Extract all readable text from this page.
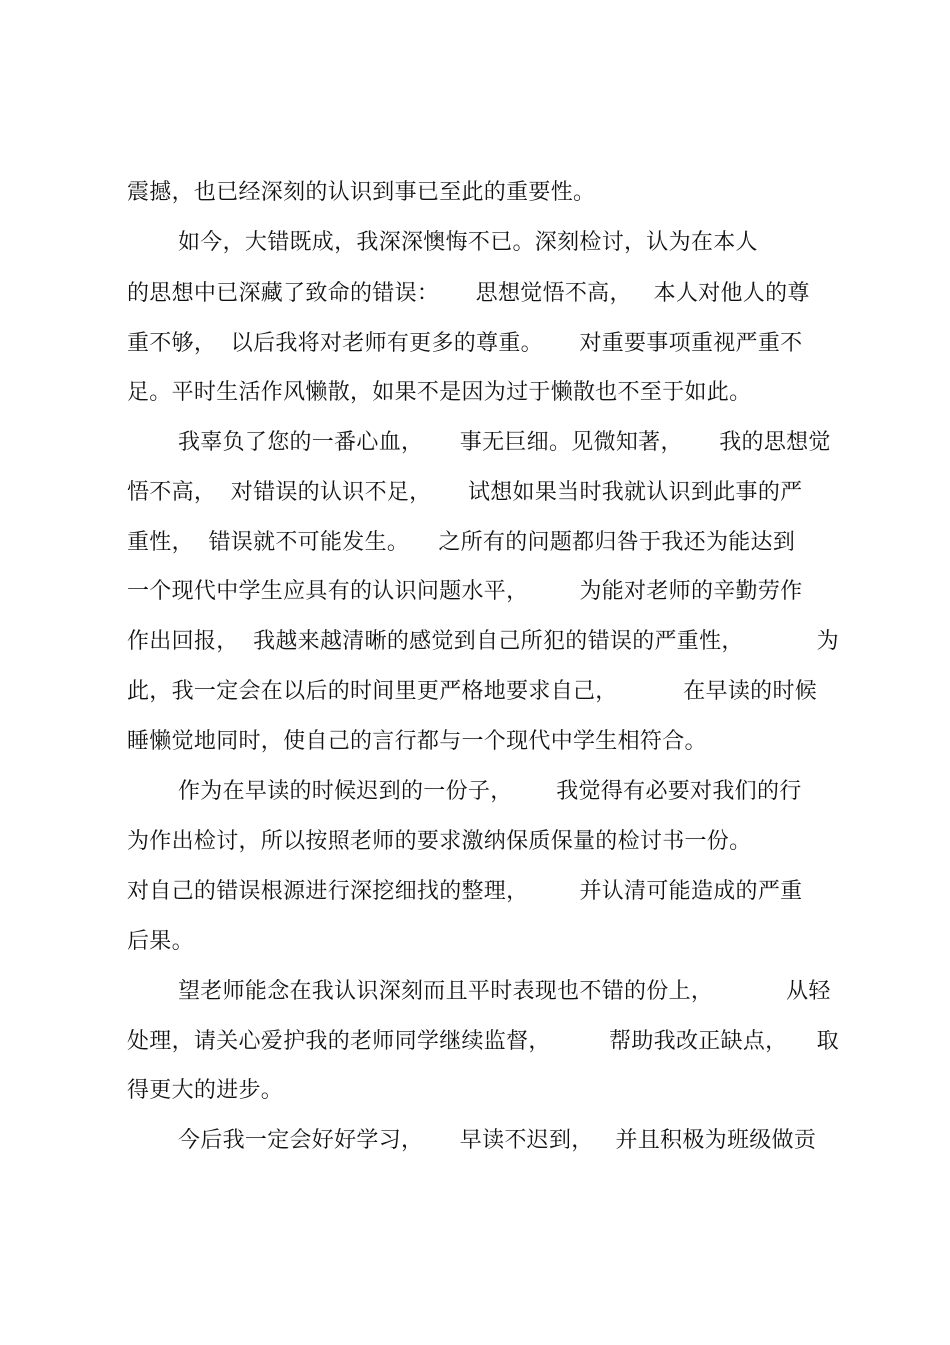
震撼，也已经深刻的认识到事已至此的重要性。
如今，大错既成，我深深懊悔不已。深刻检讨，认为在本人
的思想中已深藏了致命的错误：     思想觉悟不高，   本人对他人的尊
重不够，  以后我将对老师有更多的尊重。     对重要事项重视严重不
足。平时生活作风懒散，如果不是因为过于懒散也不至于如此。
我辜负了您的一番心血，     事无巨细。见微知著，     我的思想觉
悟不高，  对错误的认识不足，     试想如果当时我就认识到此事的严
重性，  错误就不可能发生。    之所有的问题都归咎于我还为能达到
一个现代中学生应具有的认识问题水平，       为能对老师的辛勤劳作
作出回报，  我越来越清晰的感觉到自己所犯的错误的严重性，          为
此，我一定会在以后的时间里更严格地要求自己，         在早读的时候
睡懒觉地同时，使自己的言行都与一个现代中学生相符合。
作为在早读的时候迟到的一份子，      我觉得有必要对我们的行
为作出检讨，所以按照老师的要求激纳保质保量的检讨书一份。
对自己的错误根源进行深挖细找的整理，       并认清可能造成的严重
后果。
望老师能念在我认识深刻而且平时表现也不错的份上，          从轻
处理，请关心爱护我的老师同学继续监督，        帮助我改正缺点，    取
得更大的进步。
今后我一定会好好学习，     早读不迟到，   并且积极为班级做贡
